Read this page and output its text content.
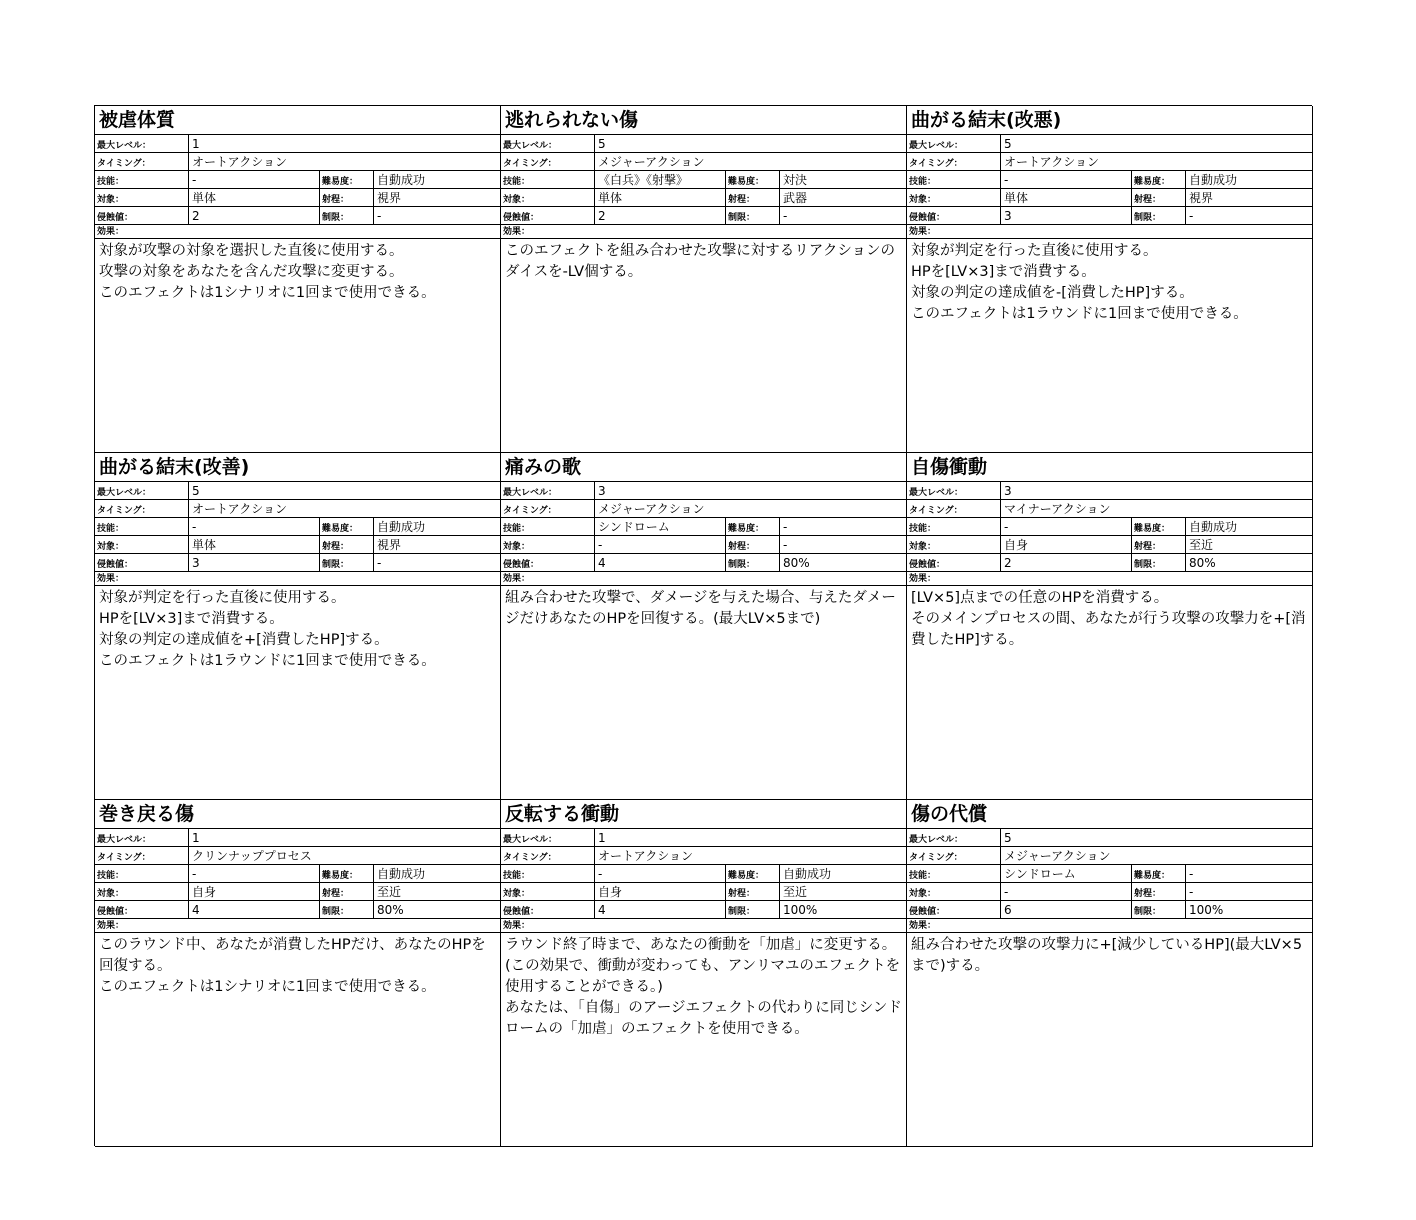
被虐体質
最大レベル：	1
タイミング：	オートアクション
技能：	-	難易度：	自動成功
対象：	単体	射程：	視界
侵蝕値：	2	制限：	-
効果：

対象が攻撃の対象を選択した直後に使用する。

攻撃の対象をあなたを含んだ攻撃に変更する。

このエフェクトは1シナリオに1回まで使用できる。

逃れられない傷
最大レベル：	5
タイミング：	メジャーアクション
技能：	《白兵》《射撃》	難易度：	対決
対象：	単体	射程：	武器
侵蝕値：	2	制限：	-
効果：

このエフェクトを組み合わせた攻撃に対するリアクションのダイスを-LV個する。

曲がる結末(改悪)
最大レベル：	5
タイミング：	オートアクション
技能：	-	難易度：	自動成功
対象：	単体	射程：	視界
侵蝕値：	3	制限：	-
効果：

対象が判定を行った直後に使用する。

HPを[LV×3]まで消費する。

対象の判定の達成値を-[消費したHP]する。

このエフェクトは1ラウンドに1回まで使用できる。

曲がる結末(改善)
最大レベル：	5
タイミング：	オートアクション
技能：	-	難易度：	自動成功
対象：	単体	射程：	視界
侵蝕値：	3	制限：	-
効果：

対象が判定を行った直後に使用する。

HPを[LV×3]まで消費する。

対象の判定の達成値を+[消費したHP]する。

このエフェクトは1ラウンドに1回まで使用できる。

痛みの歌
最大レベル：	3
タイミング：	メジャーアクション
技能：	シンドローム	難易度：	-
対象：	-	射程：	-
侵蝕値：	4	制限：	80%
効果：

組み合わせた攻撃で、ダメージを与えた場合、与えたダメージだけあなたのHPを回復する。(最大LV×5まで)

自傷衝動
最大レベル：	3
タイミング：	マイナーアクション
技能：	-	難易度：	自動成功
対象：	自身	射程：	至近
侵蝕値：	2	制限：	80%
効果：

[LV×5]点までの任意のHPを消費する。

そのメインプロセスの間、あなたが行う攻撃の攻撃力を+[消費したHP]する。

巻き戻る傷
最大レベル：	1
タイミング：	クリンナッププロセス
技能：	-	難易度：	自動成功
対象：	自身	射程：	至近
侵蝕値：	4	制限：	80%
効果：

このラウンド中、あなたが消費したHPだけ、あなたのHPを回復する。

このエフェクトは1シナリオに1回まで使用できる。

反転する衝動
最大レベル：	1
タイミング：	オートアクション
技能：	-	難易度：	自動成功
対象：	自身	射程：	至近
侵蝕値：	4	制限：	100%
効果：

ラウンド終了時まで、あなたの衝動を「加虐」に変更する。(この効果で、衝動が変わっても、アンリマユのエフェクトを使用することができる。)

あなたは、「自傷」のアージエフェクトの代わりに同じシンドロームの「加虐」のエフェクトを使用できる。

傷の代償
最大レベル：	5
タイミング：	メジャーアクション
技能：	シンドローム	難易度：	-
対象：	-	射程：	-
侵蝕値：	6	制限：	100%
効果：

組み合わせた攻撃の攻撃力に+[減少しているHP](最大LV×5まで)する。
